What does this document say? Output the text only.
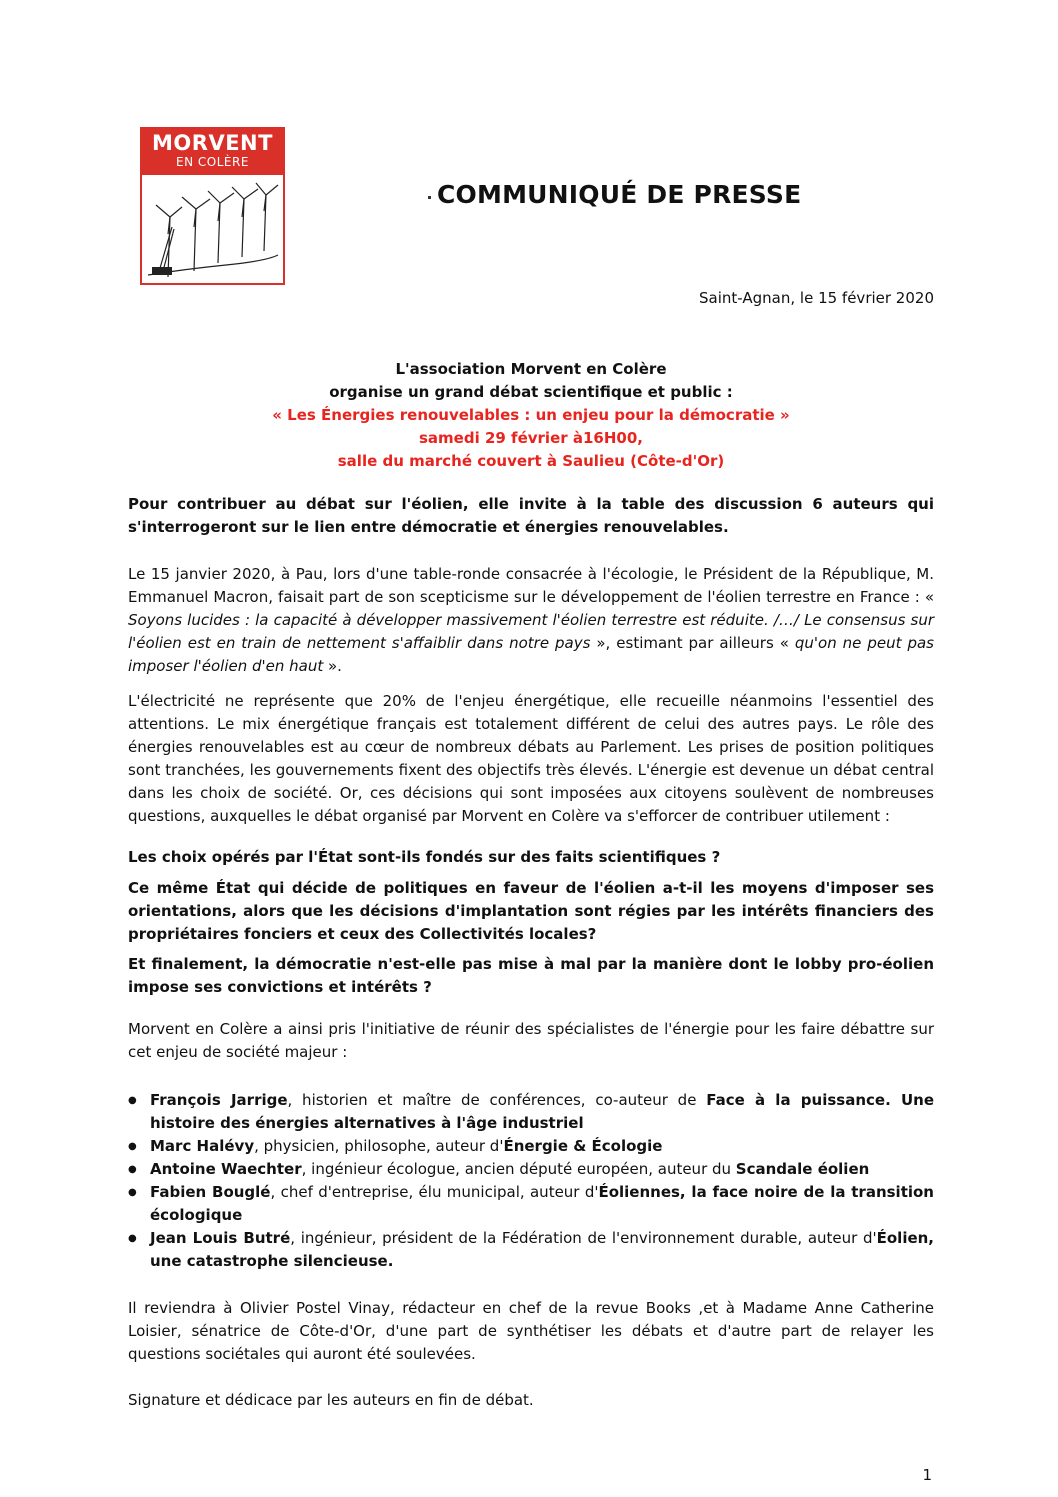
MORVENT
EN COLÈRE
COMMUNIQUÉ DE PRESSE
Saint-Agnan, le 15 février 2020
L'association Morvent en Colère
organise un grand débat scientifique et public :
« Les Énergies renouvelables : un enjeu pour la démocratie »
samedi 29 février à16H00,
salle du marché couvert à Saulieu (Côte-d'Or)
Pour contribuer au débat sur l'éolien, elle invite à la table des discussion 6 auteurs qui s'interrogeront sur le lien entre démocratie et énergies renouvelables.
Le 15 janvier 2020, à Pau, lors d'une table-ronde consacrée à l'écologie, le Président de la République, M. Emmanuel Macron, faisait part de son scepticisme sur le développement de l'éolien terrestre en France : « Soyons lucides : la capacité à développer massivement l'éolien terrestre est réduite. /…/ Le consensus sur l'éolien est en train de nettement s'affaiblir dans notre pays », estimant par ailleurs « qu'on ne peut pas imposer l'éolien d'en haut ».
L'électricité ne représente que 20% de l'enjeu énergétique, elle recueille néanmoins l'essentiel des attentions. Le mix énergétique français est totalement différent de celui des autres pays. Le rôle des énergies renouvelables est au cœur de nombreux débats au Parlement. Les prises de position politiques sont tranchées, les gouvernements fixent des objectifs très élevés. L'énergie est devenue un débat central dans les choix de société. Or, ces décisions qui sont imposées aux citoyens soulèvent de nombreuses questions, auxquelles le débat organisé par Morvent en Colère va s'efforcer de contribuer utilement :
Les choix opérés par l'État sont-ils fondés sur des faits scientifiques ?
Ce même État qui décide de politiques en faveur de l'éolien a-t-il les moyens d'imposer ses orientations, alors que les décisions d'implantation sont régies par les intérêts financiers des propriétaires fonciers et ceux des Collectivités locales?
Et finalement, la démocratie n'est-elle pas mise à mal par la manière dont le lobby pro-éolien impose ses convictions et intérêts ?
Morvent en Colère a ainsi pris l'initiative de réunir des spécialistes de l'énergie pour les faire débattre sur cet enjeu de société majeur :
● François Jarrige, historien et maître de conférences, co-auteur de Face à la puissance. Une histoire des énergies alternatives à l'âge industriel
● Marc Halévy, physicien, philosophe, auteur d'Énergie & Écologie
● Antoine Waechter, ingénieur écologue, ancien député européen, auteur du Scandale éolien
● Fabien Bouglé, chef d'entreprise, élu municipal, auteur d'Éoliennes, la face noire de la transition écologique
● Jean Louis Butré, ingénieur, président de la Fédération de l'environnement durable, auteur d'Éolien, une catastrophe silencieuse.
Il reviendra à Olivier Postel Vinay, rédacteur en chef de la revue Books ,et à Madame Anne Catherine Loisier, sénatrice de Côte-d'Or, d'une part de synthétiser les débats et d'autre part de relayer les questions sociétales qui auront été soulevées.
Signature et dédicace par les auteurs en fin de débat.
1
